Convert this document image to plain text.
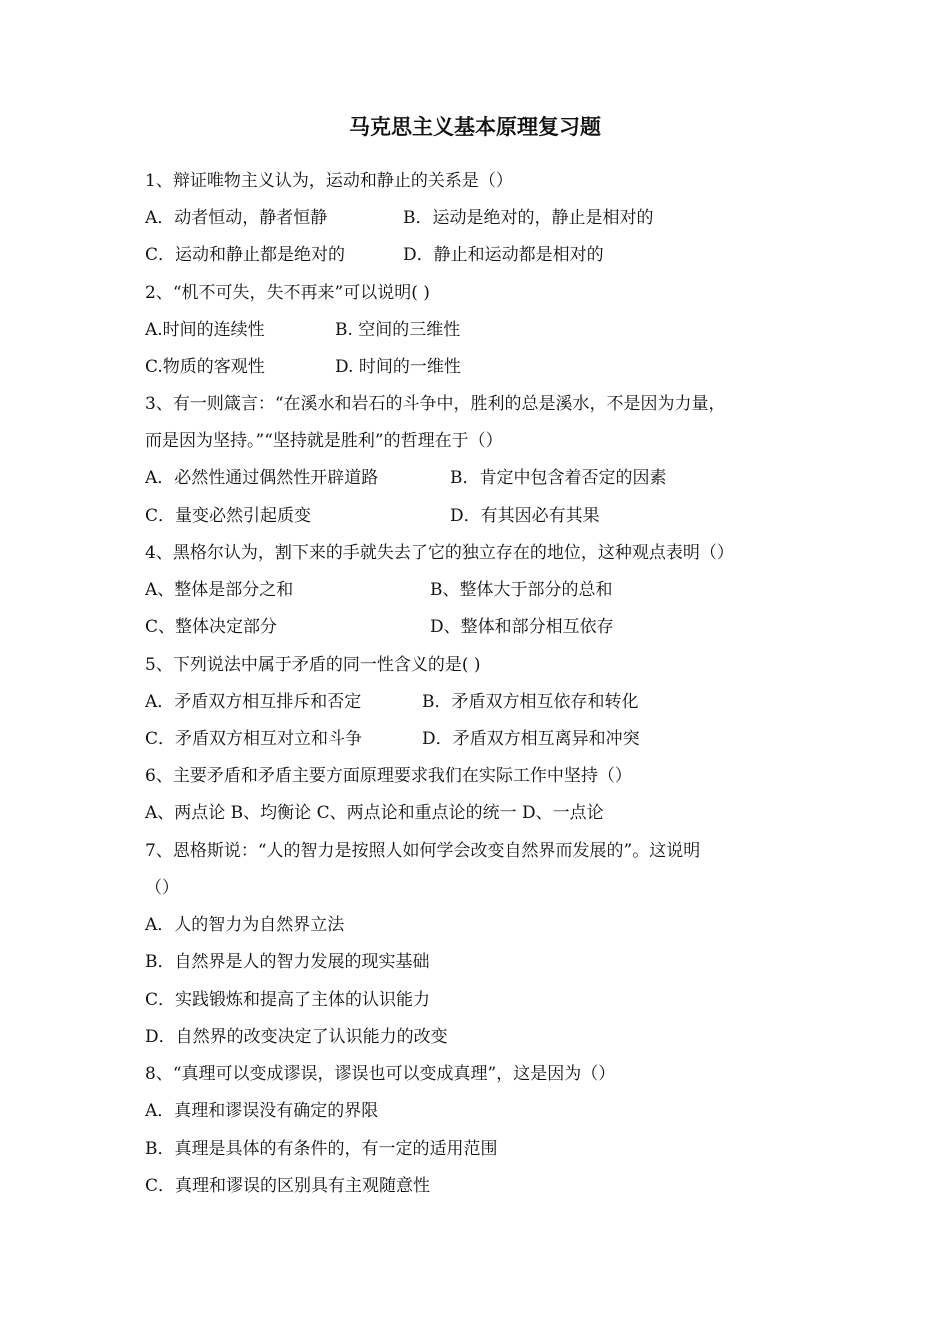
马克思主义基本原理复习题
1、辩证唯物主义认为，运动和静止的关系是（）
A．动者恒动，静者恒静	B．运动是绝对的，静止是相对的
C．运动和静止都是绝对的	D．静止和运动都是相对的
2、“机不可失，失不再来”可以说明( )
A.时间的连续性	B. 空间的三维性
C.物质的客观性	D. 时间的一维性
3、有一则箴言：“在溪水和岩石的斗争中，胜利的总是溪水，不是因为力量，
而是因为坚持。”“坚持就是胜利”的哲理在于（）
A．必然性通过偶然性开辟道路	B．肯定中包含着否定的因素
C．量变必然引起质变	D．有其因必有其果
4、黑格尔认为，割下来的手就失去了它的独立存在的地位，这种观点表明（）
A、整体是部分之和	B、整体大于部分的总和
C、整体决定部分	D、整体和部分相互依存
5、下列说法中属于矛盾的同一性含义的是( )
A．矛盾双方相互排斥和否定	B．矛盾双方相互依存和转化
C．矛盾双方相互对立和斗争	D．矛盾双方相互离异和冲突
6、主要矛盾和矛盾主要方面原理要求我们在实际工作中坚持（）
A、两点论 B、均衡论 C、两点论和重点论的统一 D、一点论
7、恩格斯说：“人的智力是按照人如何学会改变自然界而发展的”。这说明
（）
A．人的智力为自然界立法
B．自然界是人的智力发展的现实基础
C．实践锻炼和提高了主体的认识能力
D．自然界的改变决定了认识能力的改变
8、“真理可以变成谬误，谬误也可以变成真理”，这是因为（）
A．真理和谬误没有确定的界限
B．真理是具体的有条件的，有一定的适用范围
C．真理和谬误的区别具有主观随意性
